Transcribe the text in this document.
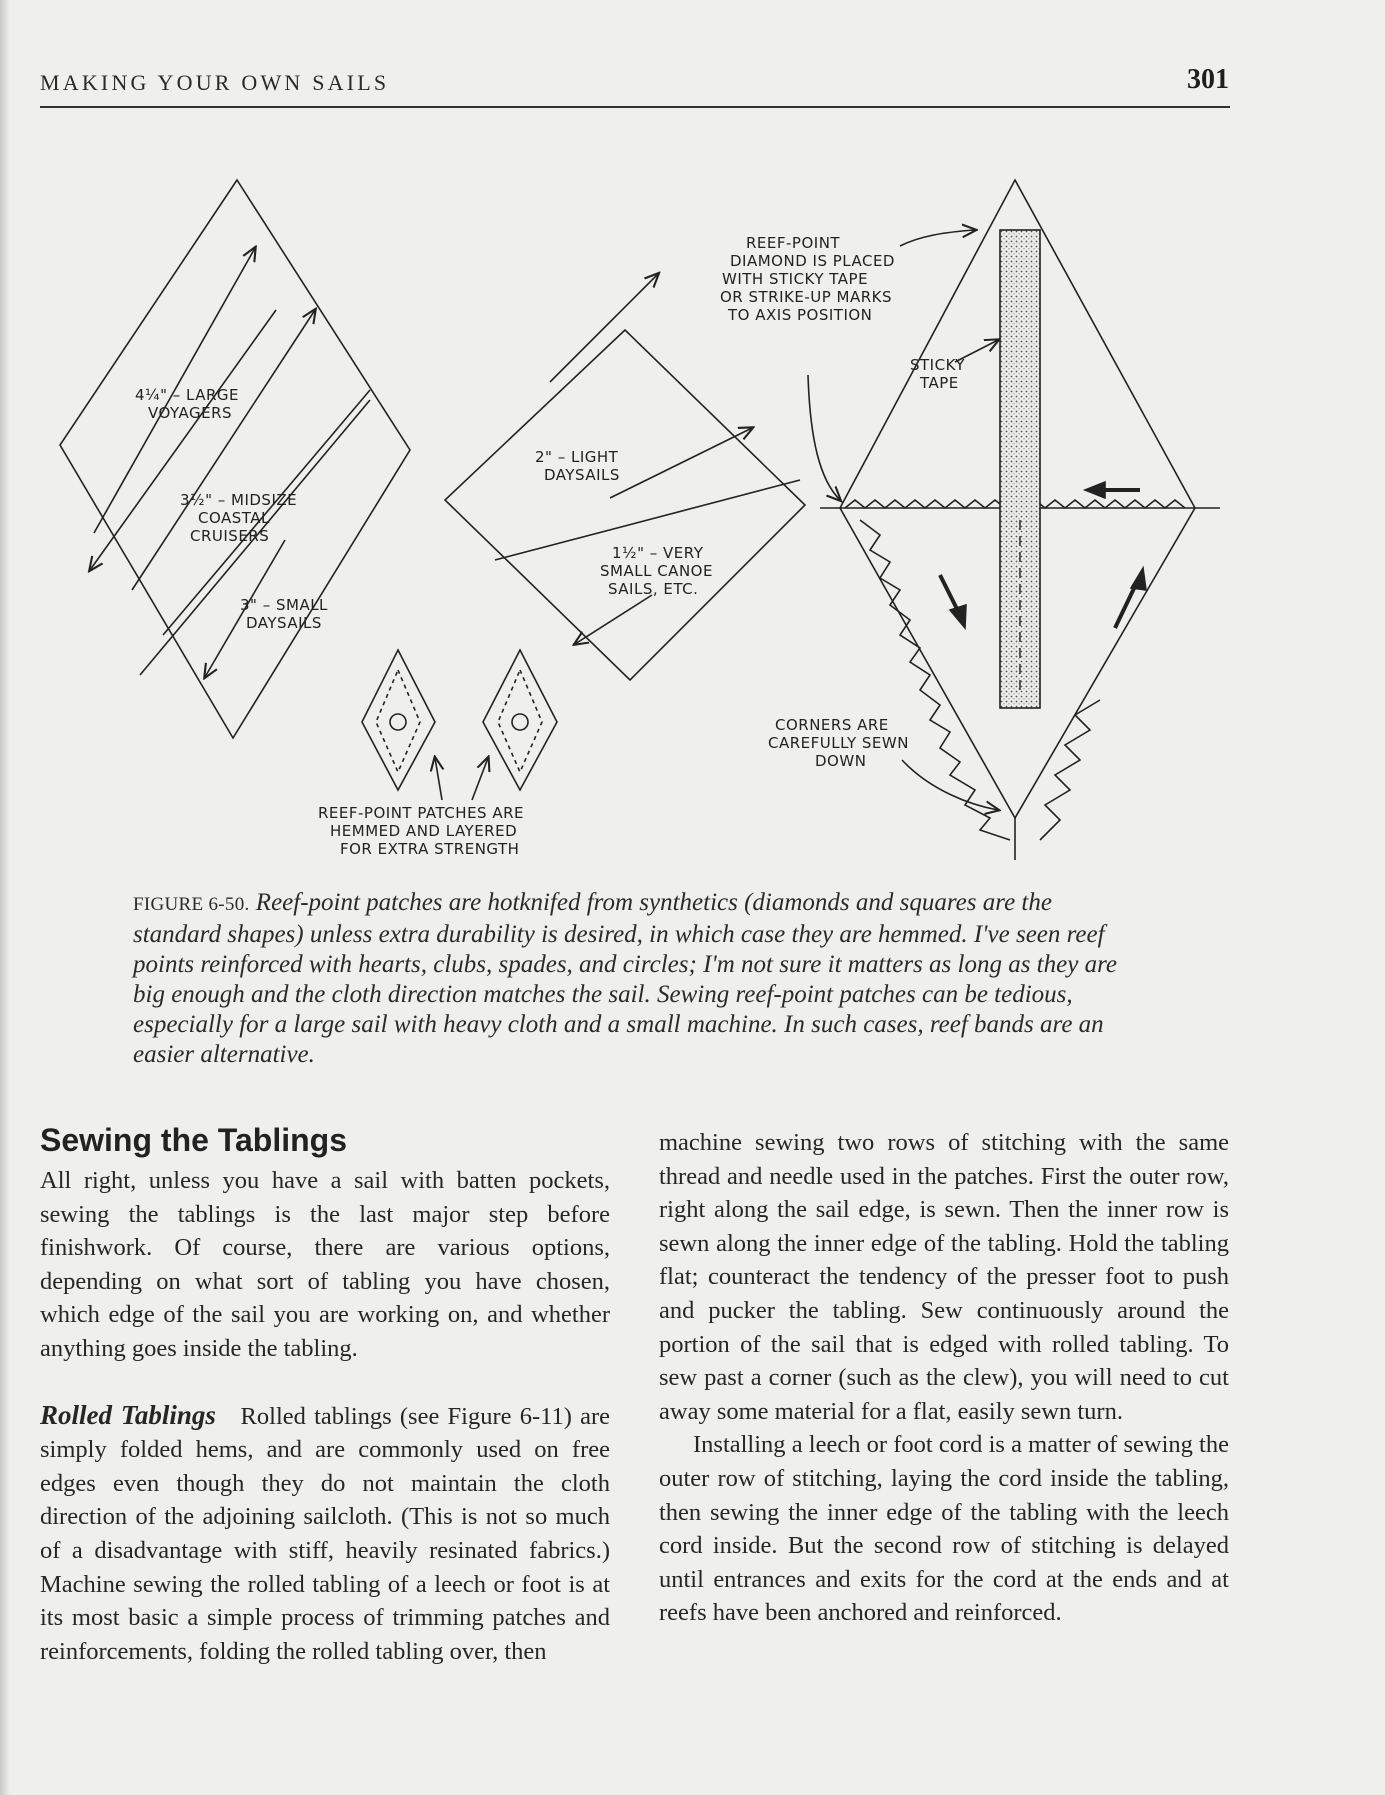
MAKING YOUR OWN SAILS	301
4¼" – LARGE
VOYAGERS
3½" – MIDSIZE
COASTAL
CRUISERS
3" – SMALL
DAYSAILS
2" – LIGHT
DAYSAILS
1½" – VERY
SMALL CANOE
SAILS, ETC.
REEF-POINT PATCHES ARE
HEMMED AND LAYERED
FOR EXTRA STRENGTH
REEF-POINT
DIAMOND IS PLACED
WITH STICKY TAPE
OR STRIKE-UP MARKS
TO AXIS POSITION
STICKY
TAPE
CORNERS ARE
CAREFULLY SEWN
DOWN
FIGURE 6-50. Reef-point patches are hotknifed from synthetics (diamonds and squares are the standard shapes) unless extra durability is desired, in which case they are hemmed. I've seen reef points reinforced with hearts, clubs, spades, and circles; I'm not sure it matters as long as they are big enough and the cloth direction matches the sail. Sewing reef-point patches can be tedious, especially for a large sail with heavy cloth and a small machine. In such cases, reef bands are an easier alternative.
Sewing the Tablings

All right, unless you have a sail with batten pockets, sewing the tablings is the last major step before finishwork. Of course, there are various options, depending on what sort of tabling you have chosen, which edge of the sail you are working on, and whether anything goes inside the tabling.

Rolled Tablings Rolled tablings (see Figure 6-11) are simply folded hems, and are commonly used on free edges even though they do not maintain the cloth direction of the adjoining sailcloth. (This is not so much of a disadvantage with stiff, heavily resinated fabrics.) Machine sewing the rolled tabling of a leech or foot is at its most basic a simple process of trimming patches and reinforcements, folding the rolled tabling over, then

machine sewing two rows of stitching with the same thread and needle used in the patches. First the outer row, right along the sail edge, is sewn. Then the inner row is sewn along the inner edge of the tabling. Hold the tabling flat; counteract the tendency of the presser foot to push and pucker the tabling. Sew continuously around the portion of the sail that is edged with rolled tabling. To sew past a corner (such as the clew), you will need to cut away some material for a flat, easily sewn turn.

Installing a leech or foot cord is a matter of sewing the outer row of stitching, laying the cord inside the tabling, then sewing the inner edge of the tabling with the leech cord inside. But the second row of stitching is delayed until entrances and exits for the cord at the ends and at reefs have been anchored and reinforced.
